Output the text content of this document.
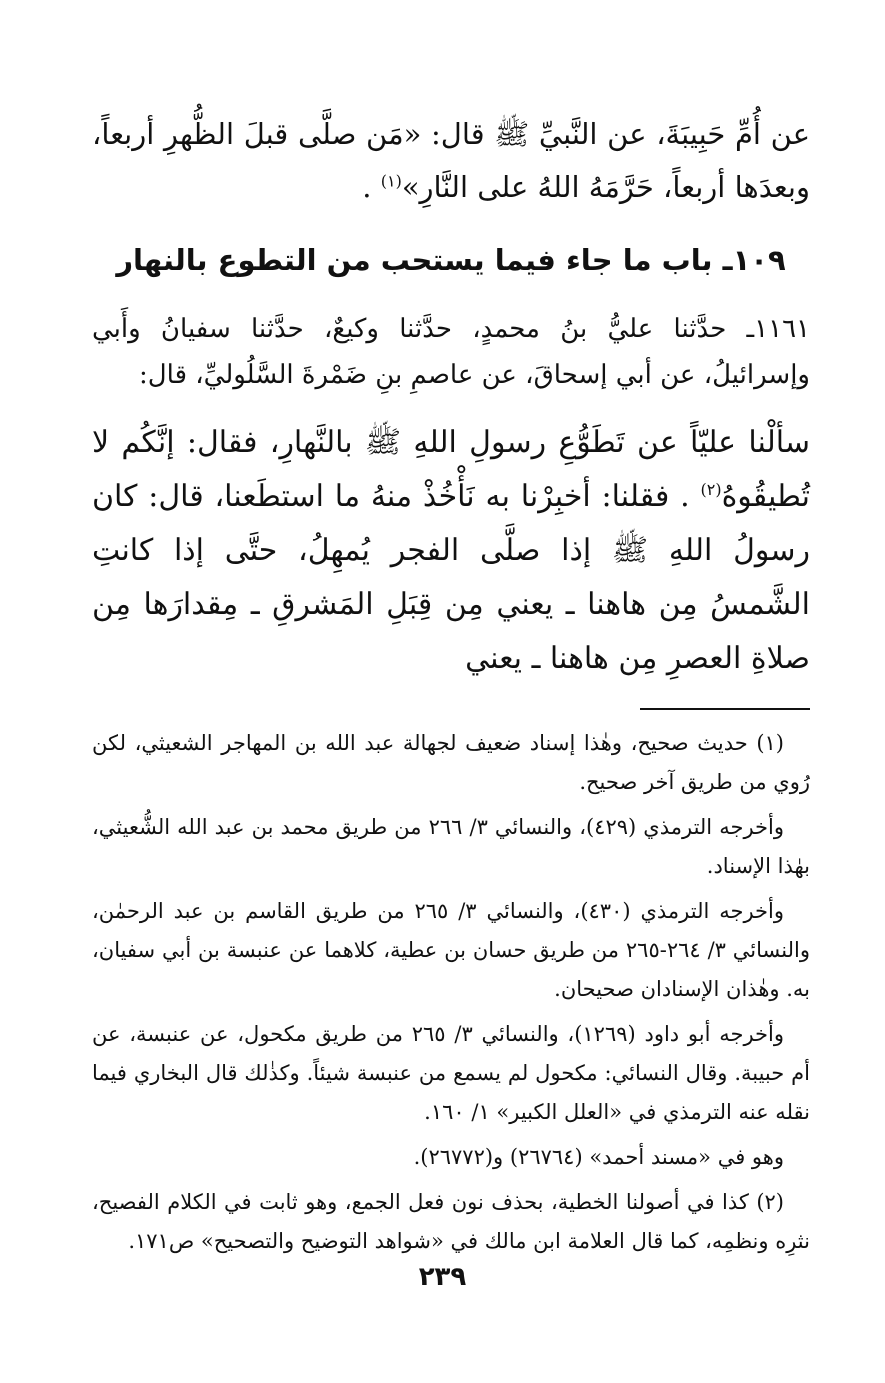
عن أُمِّ حَبِيبَةَ، عن النَّبيِّ ﷺ قال: «مَن صلَّى قبلَ الظُّهرِ أربعاً، وبعدَها أربعاً، حَرَّمَهُ اللهُ على النَّارِ»$^{(١)}$ .

١٠٩ـ باب ما جاء فيما يستحب من التطوع بالنهار

١١٦١ـ حدَّثنا عليُّ بنُ محمدٍ، حدَّثنا وكيعٌ، حدَّثنا سفيانُ وأَبي وإسرائيلُ، عن أبي إسحاقَ، عن عاصمِ بنِ ضَمْرةَ السَّلُوليِّ، قال:

سألْنا عليّاً عن تَطَوُّعِ رسولِ اللهِ ﷺ بالنَّهارِ، فقال: إنَّكُم لا تُطيقُوهُ$^{(٢)}$ . فقلنا: أخبِرْنا به نَأْخُذْ منهُ ما استطَعنا، قال: كان رسولُ اللهِ ﷺ إذا صلَّى الفجر يُمهِلُ، حتَّى إذا كانتِ الشَّمسُ مِن هاهنا ـ يعني مِن قِبَلِ المَشرقِ ـ مِقدارَها مِن صلاةِ العصرِ مِن هاهنا ـ يعني

(١) حديث صحيح، وهٰذا إسناد ضعيف لجهالة عبد الله بن المهاجر الشعيثي، لكن رُوي من طريق آخر صحيح.

وأخرجه الترمذي (٤٢٩)، والنسائي ٣/ ٢٦٦ من طريق محمد بن عبد الله الشُّعيثي، بهٰذا الإسناد.

وأخرجه الترمذي (٤٣٠)، والنسائي ٣/ ٢٦٥ من طريق القاسم بن عبد الرحمٰن، والنسائي ٣/ ٢٦٤-٢٦٥ من طريق حسان بن عطية، كلاهما عن عنبسة بن أبي سفيان، به. وهٰذان الإسنادان صحيحان.

وأخرجه أبو داود (١٢٦٩)، والنسائي ٣/ ٢٦٥ من طريق مكحول، عن عنبسة، عن أم حبيبة. وقال النسائي: مكحول لم يسمع من عنبسة شيئاً. وكذٰلك قال البخاري فيما نقله عنه الترمذي في «العلل الكبير» ١/ ١٦٠.

وهو في «مسند أحمد» (٢٦٧٦٤) و(٢٦٧٧٢).

(٢) كذا في أصولنا الخطية، بحذف نون فعل الجمع، وهو ثابت في الكلام الفصيح، نثرِه ونظمِه، كما قال العلامة ابن مالك في «شواهد التوضيح والتصحيح» ص١٧١.

٢٣٩
